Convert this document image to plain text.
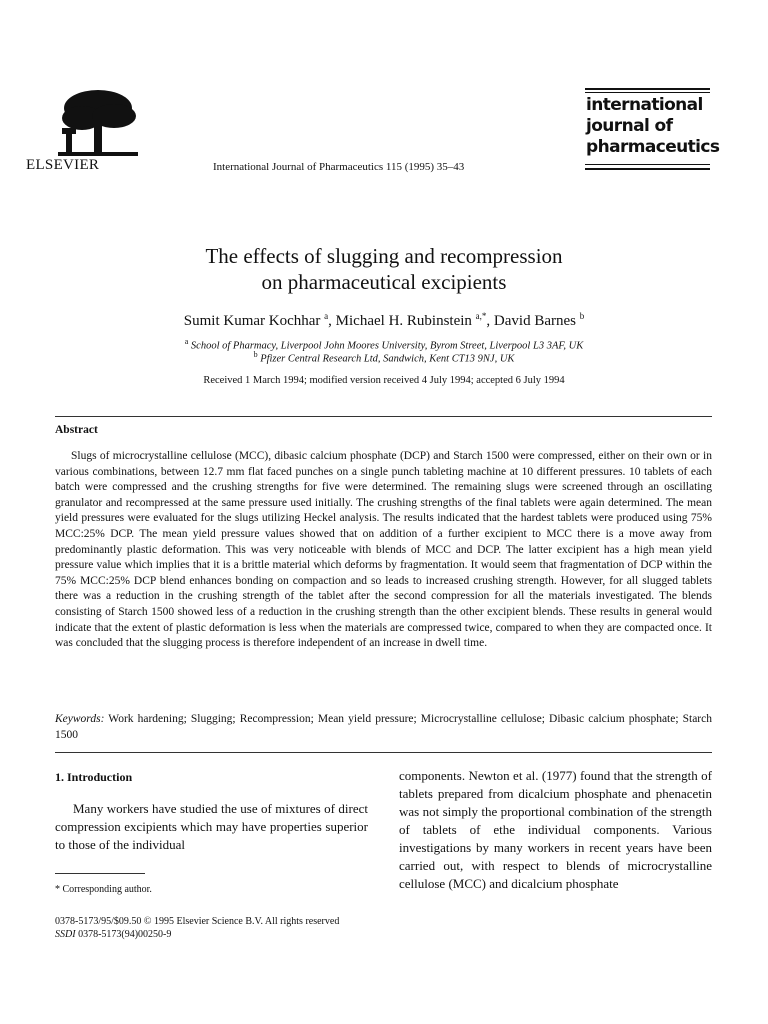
ELSEVIER	International Journal of Pharmaceutics 115 (1995) 35–43
international
journal of
pharmaceutics
The effects of slugging and recompression
on pharmaceutical excipients
Sumit Kumar Kochhar $^a$, Michael H. Rubinstein $^{a,*}$, David Barnes $^b$
$^a$ School of Pharmacy, Liverpool John Moores University, Byrom Street, Liverpool L3 3AF, UK
$^b$ Pfizer Central Research Ltd, Sandwich, Kent CT13 9NJ, UK
Received 1 March 1994; modified version received 4 July 1994; accepted 6 July 1994
Abstract
Slugs of microcrystalline cellulose (MCC), dibasic calcium phosphate (DCP) and Starch 1500 were compressed, either on their own or in various combinations, between 12.7 mm flat faced punches on a single punch tableting machine at 10 different pressures. 10 tablets of each batch were compressed and the crushing strengths for five were determined. The remaining slugs were screened through an oscillating granulator and recompressed at the same pressure used initially. The crushing strengths of the final tablets were again determined. The mean yield pressures were evaluated for the slugs utilizing Heckel analysis. The results indicated that the hardest tablets were produced using 75% MCC:25% DCP. The mean yield pressure values showed that on addition of a further excipient to MCC there is a move away from predominantly plastic deformation. This was very noticeable with blends of MCC and DCP. The latter excipient has a high mean yield pressure value which implies that it is a brittle material which deforms by fragmentation. It would seem that fragmentation of DCP within the 75% MCC:25% DCP blend enhances bonding on compaction and so leads to increased crushing strength. However, for all slugged tablets there was a reduction in the crushing strength of the tablet after the second compression for all the materials investigated. The blends consisting of Starch 1500 showed less of a reduction in the crushing strength than the other excipient blends. These results in general would indicate that the extent of plastic deformation is less when the materials are compressed twice, compared to when they are compacted once. It was concluded that the slugging process is therefore independent of an increase in dwell time.
Keywords: Work hardening; Slugging; Recompression; Mean yield pressure; Microcrystalline cellulose; Dibasic calcium phosphate; Starch 1500
1. Introduction
Many workers have studied the use of mixtures of direct compression excipients which may have properties superior to those of the individual
components. Newton et al. (1977) found that the strength of tablets prepared from dicalcium phosphate and phenacetin was not simply the proportional combination of the strength of tablets of ethe individual components. Various investigations by many workers in recent years have been carried out, with respect to blends of microcrystalline cellulose (MCC) and dicalcium phosphate
* Corresponding author.
0378-5173/95/$09.50 © 1995 Elsevier Science B.V. All rights reserved
SSDI 0378-5173(94)00250-9
